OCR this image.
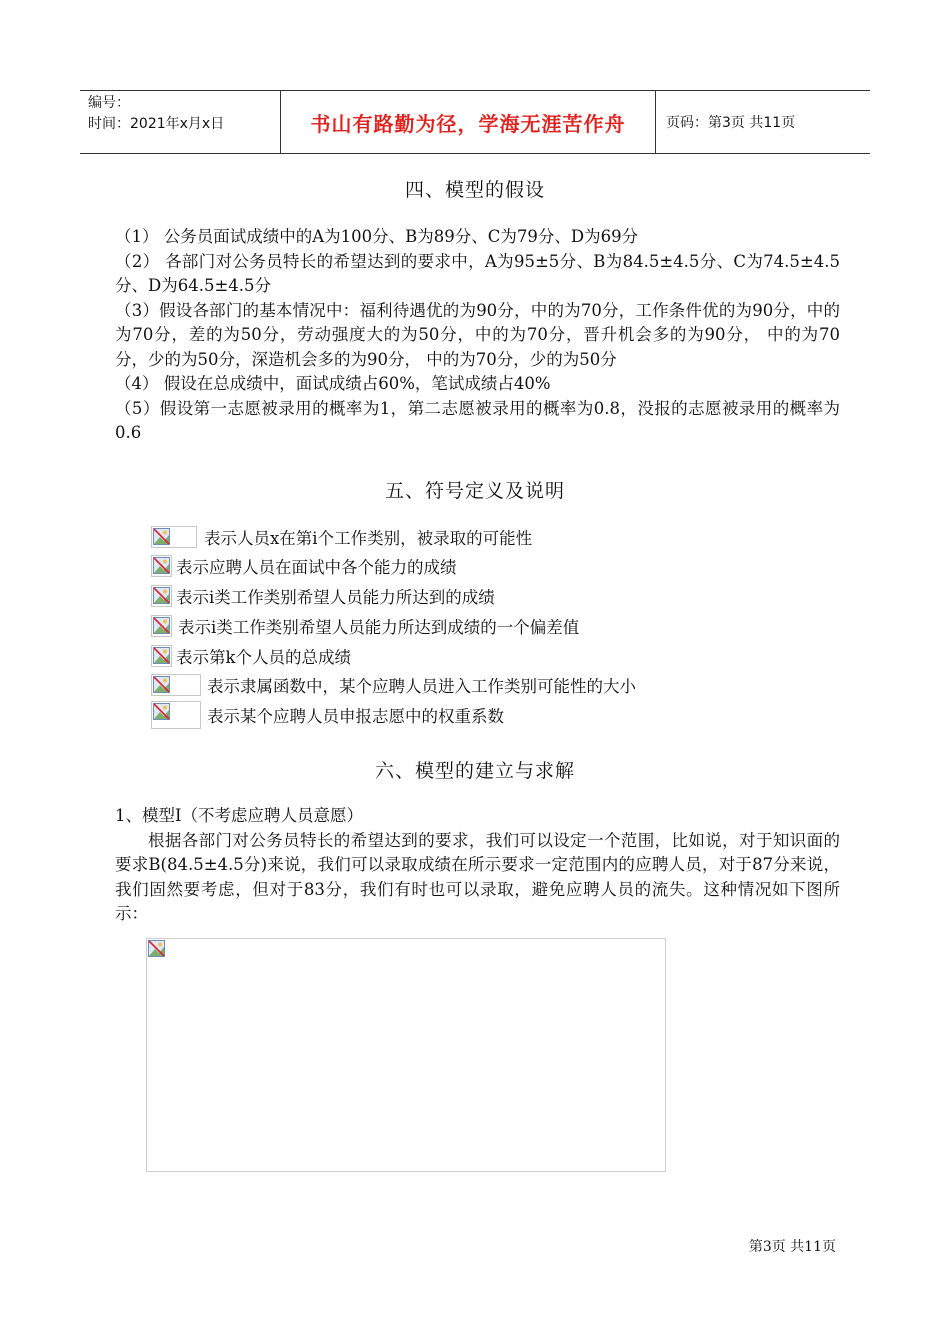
编号：
时间：2021年x月x日	书山有路勤为径，学海无涯苦作舟	页码：第3页 共11页
四、模型的假设

（1） 公务员面试成绩中的A为100分、B为89分、C为79分、D为69分

（2） 各部门对公务员特长的希望达到的要求中，A为95±5分、B为84.5±4.5分、C为74.5±4.5分、D为64.5±4.5分

（3）假设各部门的基本情况中：福利待遇优的为90分，中的为70分，工作条件优的为90分，中的为70分，差的为50分，劳动强度大的为50分，中的为70分，晋升机会多的为90分， 中的为70分，少的为50分，深造机会多的为90分， 中的为70分，少的为50分

（4） 假设在总成绩中，面试成绩占60%，笔试成绩占40%

（5）假设第一志愿被录用的概率为1，第二志愿被录用的概率为0.8，没报的志愿被录用的概率为0.6

五、符号定义及说明
表示人员x在第i个工作类别，被录取的可能性
表示应聘人员在面试中各个能力的成绩
表示i类工作类别希望人员能力所达到的成绩
表示i类工作类别希望人员能力所达到成绩的一个偏差值
表示第k个人员的总成绩
表示隶属函数中，某个应聘人员进入工作类别可能性的大小
表示某个应聘人员申报志愿中的权重系数
六、模型的建立与求解

1、模型Ⅰ（不考虑应聘人员意愿）

根据各部门对公务员特长的希望达到的要求，我们可以设定一个范围，比如说，对于知识面的要求B(84.5±4.5分)来说，我们可以录取成绩在所示要求一定范围内的应聘人员，对于87分来说，我们固然要考虑，但对于83分，我们有时也可以录取，避免应聘人员的流失。这种情况如下图所示：

第3页 共11页
